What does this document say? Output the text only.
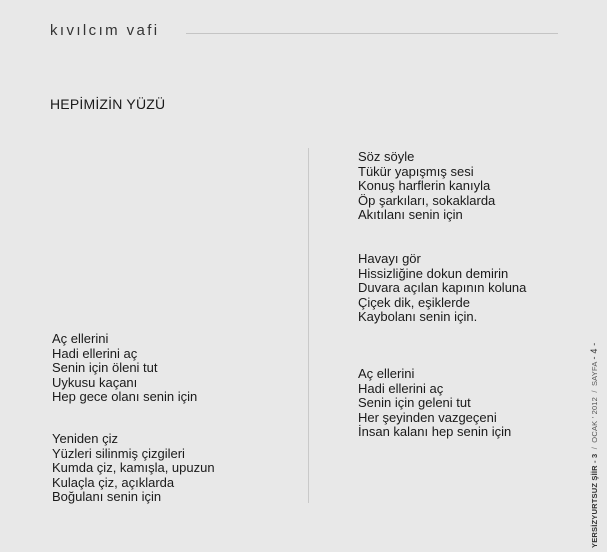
kıvılcım vafi
HEPİMİZİN YÜZÜ
Aç ellerini
Hadi ellerini aç
Senin için öleni tut
Uykusu kaçanı
Hep gece olanı senin için
Yeniden çiz
Yüzleri silinmiş çizgileri
Kumda çiz, kamışla, upuzun
Kulaçla çiz, açıklarda
Boğulanı senin için
Söz söyle
Tükür yapışmış sesi
Konuş harflerin kanıyla
Öp şarkıları, sokaklarda
Akıtılanı senin için
Havayı gör
Hissizliğine dokun demirin
Duvara açılan kapının koluna
Çiçek dik, eşiklerde
Kaybolanı senin için.
Aç ellerini
Hadi ellerini aç
Senin için geleni tut
Her şeyinden vazgeçeni
İnsan kalanı hep senin için
YERSİZYURTSUZ ŞİİR - 3 / OCAK ' 2012 / SAYFA - 4 -
